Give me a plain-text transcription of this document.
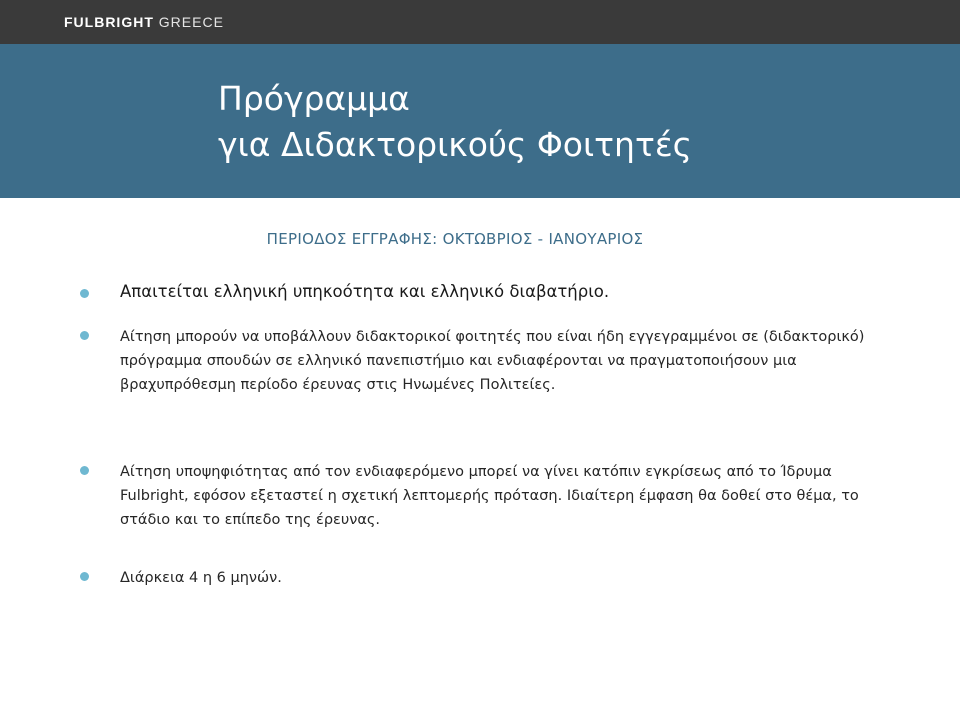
FULBRIGHT GREECE
Πρόγραμμα
για Διδακτορικούς Φοιτητές
ΠΕΡΙΟΔΟΣ ΕΓΓΡΑΦΗΣ: ΟΚΤΩΒΡΙΟΣ - ΙΑΝΟΥΑΡΙΟΣ
Απαιτείται ελληνική υπηκοότητα και ελληνικό διαβατήριο.
Αίτηση μπορούν να υποβάλλουν διδακτορικοί φοιτητές που είναι ήδη εγγεγραμμένοι σε (διδακτορικό) πρόγραμμα σπουδών σε ελληνικό πανεπιστήμιο και ενδιαφέρονται να πραγματοποιήσουν μια βραχυπρόθεσμη περίοδο έρευνας στις Ηνωμένες Πολιτείες.
Αίτηση υποψηφιότητας από τον ενδιαφερόμενο μπορεί να γίνει κατόπιν εγκρίσεως από το Ίδρυμα Fulbright, εφόσον εξεταστεί η σχετική λεπτομερής πρόταση. Ιδιαίτερη έμφαση θα δοθεί στο θέμα, το στάδιο και το επίπεδο της έρευνας.
Διάρκεια 4 η 6 μηνών.
